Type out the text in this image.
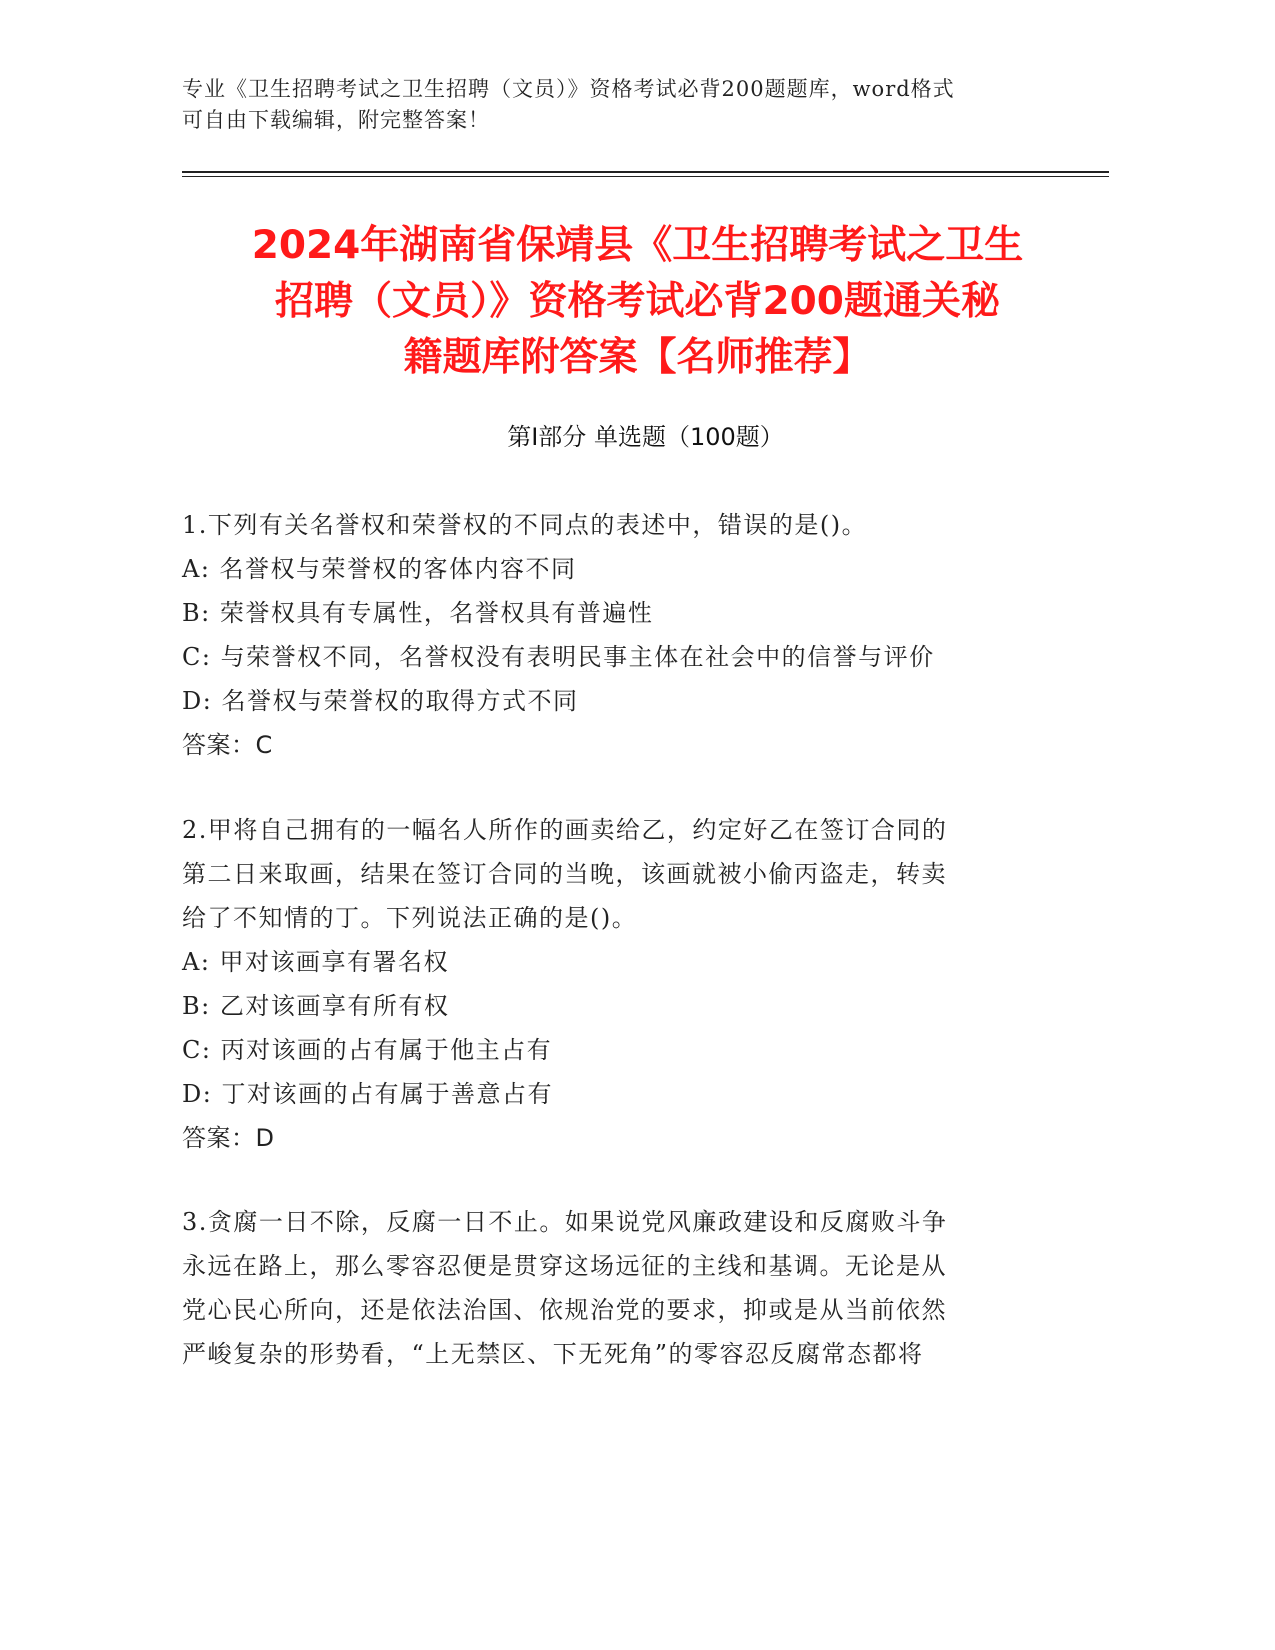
专业《卫生招聘考试之卫生招聘（文员）》资格考试必背200题题库，word格式
可自由下载编辑，附完整答案！
2024年湖南省保靖县《卫生招聘考试之卫生
招聘（文员）》资格考试必背200题通关秘
籍题库附答案【名师推荐】
第Ⅰ部分 单选题（100题）

1.下列有关名誉权和荣誉权的不同点的表述中，错误的是()。

A: 名誉权与荣誉权的客体内容不同

B: 荣誉权具有专属性，名誉权具有普遍性

C: 与荣誉权不同，名誉权没有表明民事主体在社会中的信誉与评价

D: 名誉权与荣誉权的取得方式不同

答案：C

2.甲将自己拥有的一幅名人所作的画卖给乙，约定好乙在签订合同的

第二日来取画，结果在签订合同的当晚，该画就被小偷丙盗走，转卖

给了不知情的丁。下列说法正确的是()。

A: 甲对该画享有署名权

B: 乙对该画享有所有权

C: 丙对该画的占有属于他主占有

D: 丁对该画的占有属于善意占有

答案：D

3.贪腐一日不除，反腐一日不止。如果说党风廉政建设和反腐败斗争

永远在路上，那么零容忍便是贯穿这场远征的主线和基调。无论是从

党心民心所向，还是依法治国、依规治党的要求，抑或是从当前依然

严峻复杂的形势看，“上无禁区、下无死角”的零容忍反腐常态都将
